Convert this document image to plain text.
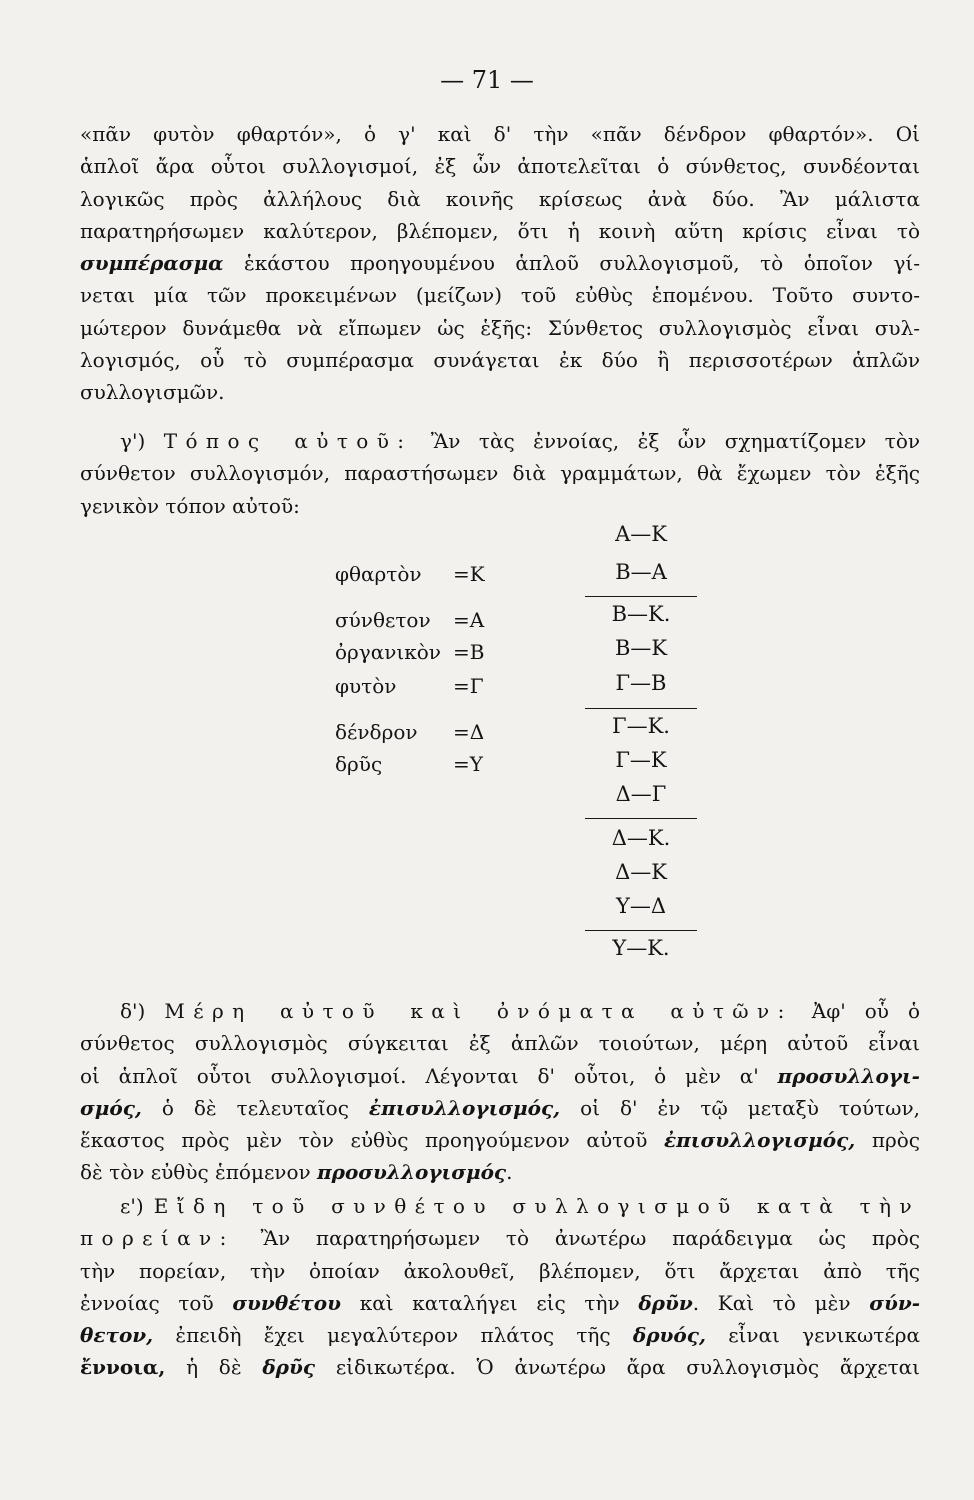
— 71 —

«πᾶν φυτὸν φθαρτόν», ὁ γ' καὶ δ' τὴν «πᾶν δένδρον φθαρτόν». Οἱ

ἁπλοῖ ἄρα οὗτοι συλλογισμοί, ἐξ ὧν ἀποτελεῖται ὁ σύνθετος, συνδέονται

λογικῶς πρὸς ἀλλήλους διὰ κοινῆς κρίσεως ἀνὰ δύο. Ἂν μάλιστα

παρατηρήσωμεν καλύτερον, βλέπομεν, ὅτι ἡ κοινὴ αὕτη κρίσις εἶναι τὸ

συμπέρασμα ἑκάστου προηγουμένου ἁπλοῦ συλλογισμοῦ, τὸ ὁποῖον γί-

νεται μία τῶν προκειμένων (μείζων) τοῦ εὐθὺς ἑπομένου. Τοῦτο συντο-

μώτερον δυνάμεθα νὰ εἴπωμεν ὡς ἑξῆς: Σύνθετος συλλογισμὸς εἶναι συλ-

λογισμός, οὗ τὸ συμπέρασμα συνάγεται ἐκ δύο ἢ περισσοτέρων ἁπλῶν

συλλογισμῶν.

γ') Τόπος αὐτοῦ: Ἂν τὰς ἐννοίας, ἐξ ὧν σχηματίζομεν τὸν

σύνθετον συλλογισμόν, παραστήσωμεν διὰ γραμμάτων, θὰ ἔχωμεν τὸν ἑξῆς

γενικὸν τόπον αὐτοῦ:

φθαρτὸν =Κ
σύνθετον =Α
ὀργανικὸν =Β
φυτὸν	=Γ
δένδρον =Δ
δρῦς	=Υ
Α—Κ
Β—Α
Β—Κ.
Β—Κ
Γ—Β
Γ—Κ.
Γ—Κ
Δ—Γ
Δ—Κ.
Δ—Κ
Υ—Δ
Υ—Κ.

δ') Μέρη αὐτοῦ καὶ ὀνόματα αὐτῶν: Ἀφ' οὗ ὁ

σύνθετος συλλογισμὸς σύγκειται ἐξ ἁπλῶν τοιούτων, μέρη αὐτοῦ εἶναι

οἱ ἁπλοῖ οὗτοι συλλογισμοί. Λέγονται δ' οὗτοι, ὁ μὲν α' προσυλλογι-

σμός, ὁ δὲ τελευταῖος ἐπισυλλογισμός, οἱ δ' ἐν τῷ μεταξὺ τούτων,

ἕκαστος πρὸς μὲν τὸν εὐθὺς προηγούμενον αὐτοῦ ἐπισυλλογισμός, πρὸς

δὲ τὸν εὐθὺς ἑπόμενον προσυλλογισμός.

ε') Εἴδη τοῦ συνθέτου συλλογισμοῦ κατὰ τὴν

πορείαν: Ἂν παρατηρήσωμεν τὸ ἀνωτέρω παράδειγμα ὡς πρὸς

τὴν πορείαν, τὴν ὁποίαν ἀκολουθεῖ, βλέπομεν, ὅτι ἄρχεται ἀπὸ τῆς

ἐννοίας τοῦ συνθέτου καὶ καταλήγει εἰς τὴν δρῦν. Καὶ τὸ μὲν σύν-

θετον, ἐπειδὴ ἔχει μεγαλύτερον πλάτος τῆς δρυός, εἶναι γενικωτέρα

ἔννοια, ἡ δὲ δρῦς εἰδικωτέρα. Ὁ ἀνωτέρω ἄρα συλλογισμὸς ἄρχεται
